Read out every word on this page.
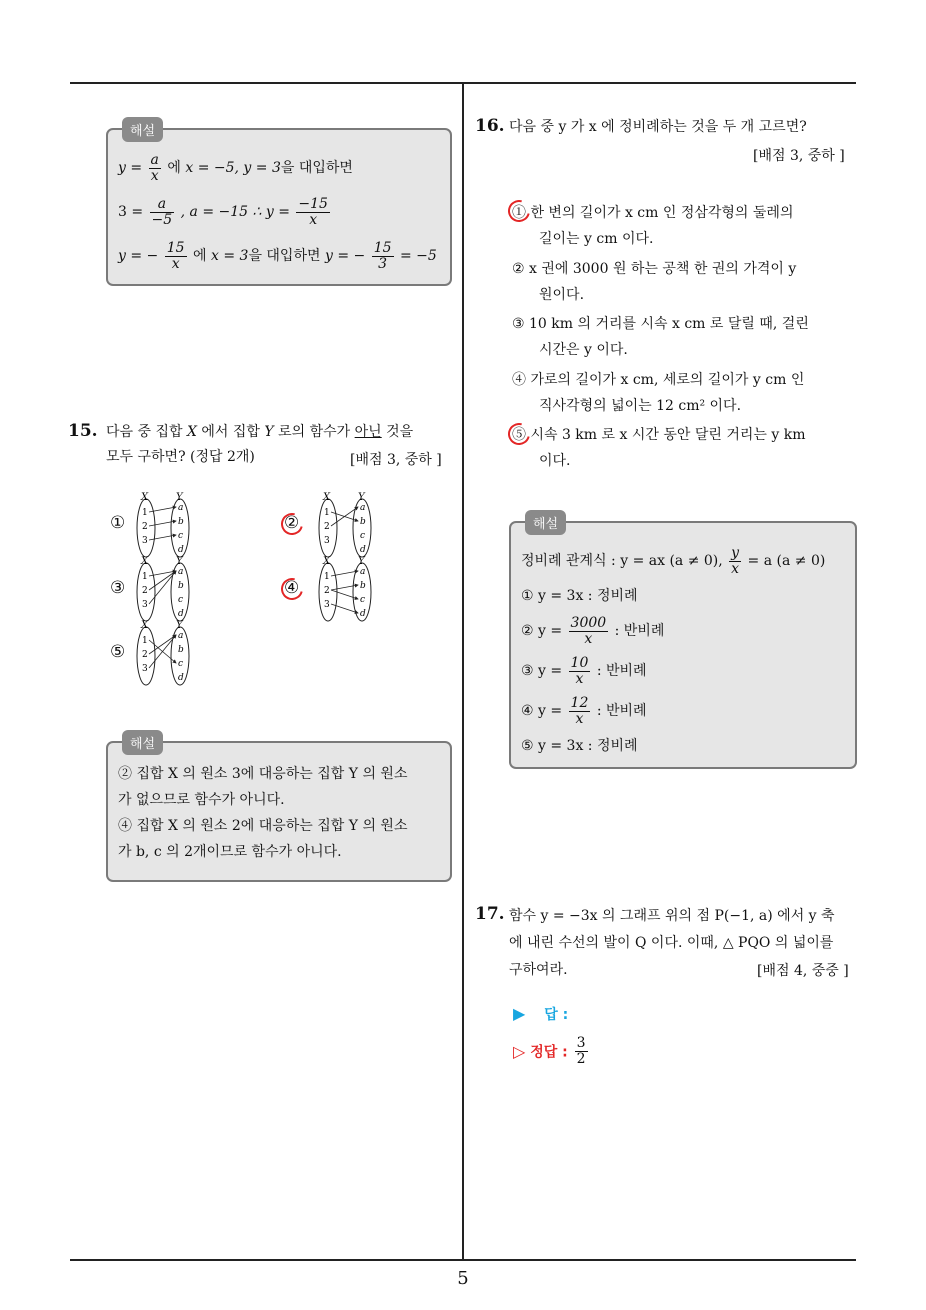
해설
$y = \frac{a}{x}$ 에 x = −5, y = 3을 대입하면
$3 = \frac{a}{-5}$ , a = −15 ∴ $y = \frac{-15}{x}$
y = − $\frac{15}{x}$ 에 x = 3을 대입하면 y = − $\frac{15}{3} = -5$
15. 다음 중 집합 X 에서 집합 Y 로의 함수가 아닌 것을
모두 구하면? (정답 2개)	[배점 3, 중하 ]
X	Y
1
2
3
a
b
c
d
X	Y
1
2
3
a
b
c
d
X	Y
1
2
3
a
b
c
d
X	Y
1
2
3
a
b
c
d
X	Y
1
2
3
a
b
c
d
①	②
③	④
⑤
해설
② 집합 X 의 원소 3에 대응하는 집합 Y 의 원소
가 없으므로 함수가 아니다.
④ 집합 X 의 원소 2에 대응하는 집합 Y 의 원소
가 b, c 의 2개이므로 함수가 아니다.
16. 다음 중 y 가 x 에 정비례하는 것을 두 개 고르면?
[배점 3, 중하 ]
① 한 변의 길이가 x cm 인 정삼각형의 둘레의
길이는 y cm 이다.
② x 권에 3000 원 하는 공책 한 권의 가격이 y
원이다.
③ 10 km 의 거리를 시속 x cm 로 달릴 때, 걸린
시간은 y 이다.
④ 가로의 길이가 x cm, 세로의 길이가 y cm 인
직사각형의 넓이는 12 cm² 이다.
⑤ 시속 3 km 로 x 시간 동안 달린 거리는 y km
이다.
해설
정비례 관계식 : y = ax (a ≠ 0), $\frac{y}{x} = a$ (a ≠ 0)
① y = 3x : 정비례
② $y = \frac{3000}{x}$ : 반비례
③ $y = \frac{10}{x}$ : 반비례
④ $y = \frac{12}{x}$ : 반비례
⑤ y = 3x : 정비례
17. 함수 y = −3x 의 그래프 위의 점 P(−1, a) 에서 y 축
에 내린 수선의 발이 Q 이다. 이때, △ PQO 의 넓이를
구하여라.	[배점 4, 중중 ]
▶ 답 :
▷ 정답 : $\frac{3}{2}$
5
